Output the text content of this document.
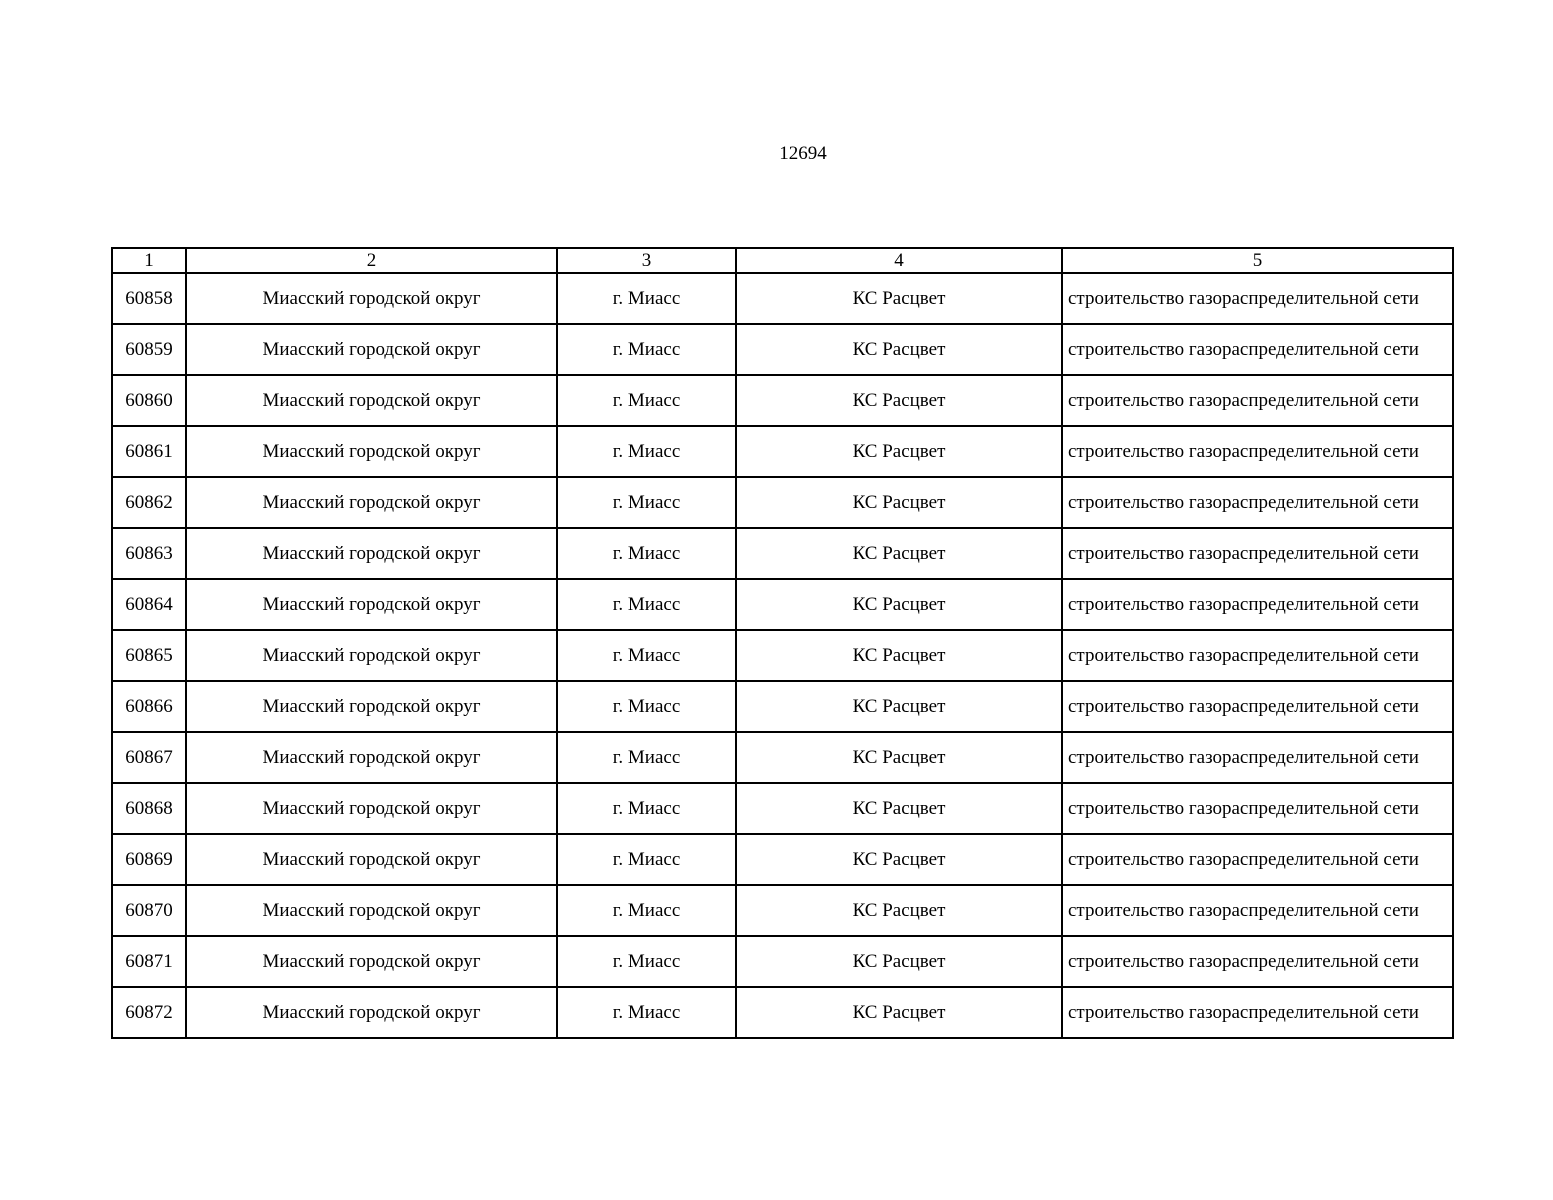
12694
1	2	3	4	5
60858	Миасский городской округ	г. Миасс	КС Расцвет	строительство газораспределительной сети
60859	Миасский городской округ	г. Миасс	КС Расцвет	строительство газораспределительной сети
60860	Миасский городской округ	г. Миасс	КС Расцвет	строительство газораспределительной сети
60861	Миасский городской округ	г. Миасс	КС Расцвет	строительство газораспределительной сети
60862	Миасский городской округ	г. Миасс	КС Расцвет	строительство газораспределительной сети
60863	Миасский городской округ	г. Миасс	КС Расцвет	строительство газораспределительной сети
60864	Миасский городской округ	г. Миасс	КС Расцвет	строительство газораспределительной сети
60865	Миасский городской округ	г. Миасс	КС Расцвет	строительство газораспределительной сети
60866	Миасский городской округ	г. Миасс	КС Расцвет	строительство газораспределительной сети
60867	Миасский городской округ	г. Миасс	КС Расцвет	строительство газораспределительной сети
60868	Миасский городской округ	г. Миасс	КС Расцвет	строительство газораспределительной сети
60869	Миасский городской округ	г. Миасс	КС Расцвет	строительство газораспределительной сети
60870	Миасский городской округ	г. Миасс	КС Расцвет	строительство газораспределительной сети
60871	Миасский городской округ	г. Миасс	КС Расцвет	строительство газораспределительной сети
60872	Миасский городской округ	г. Миасс	КС Расцвет	строительство газораспределительной сети
